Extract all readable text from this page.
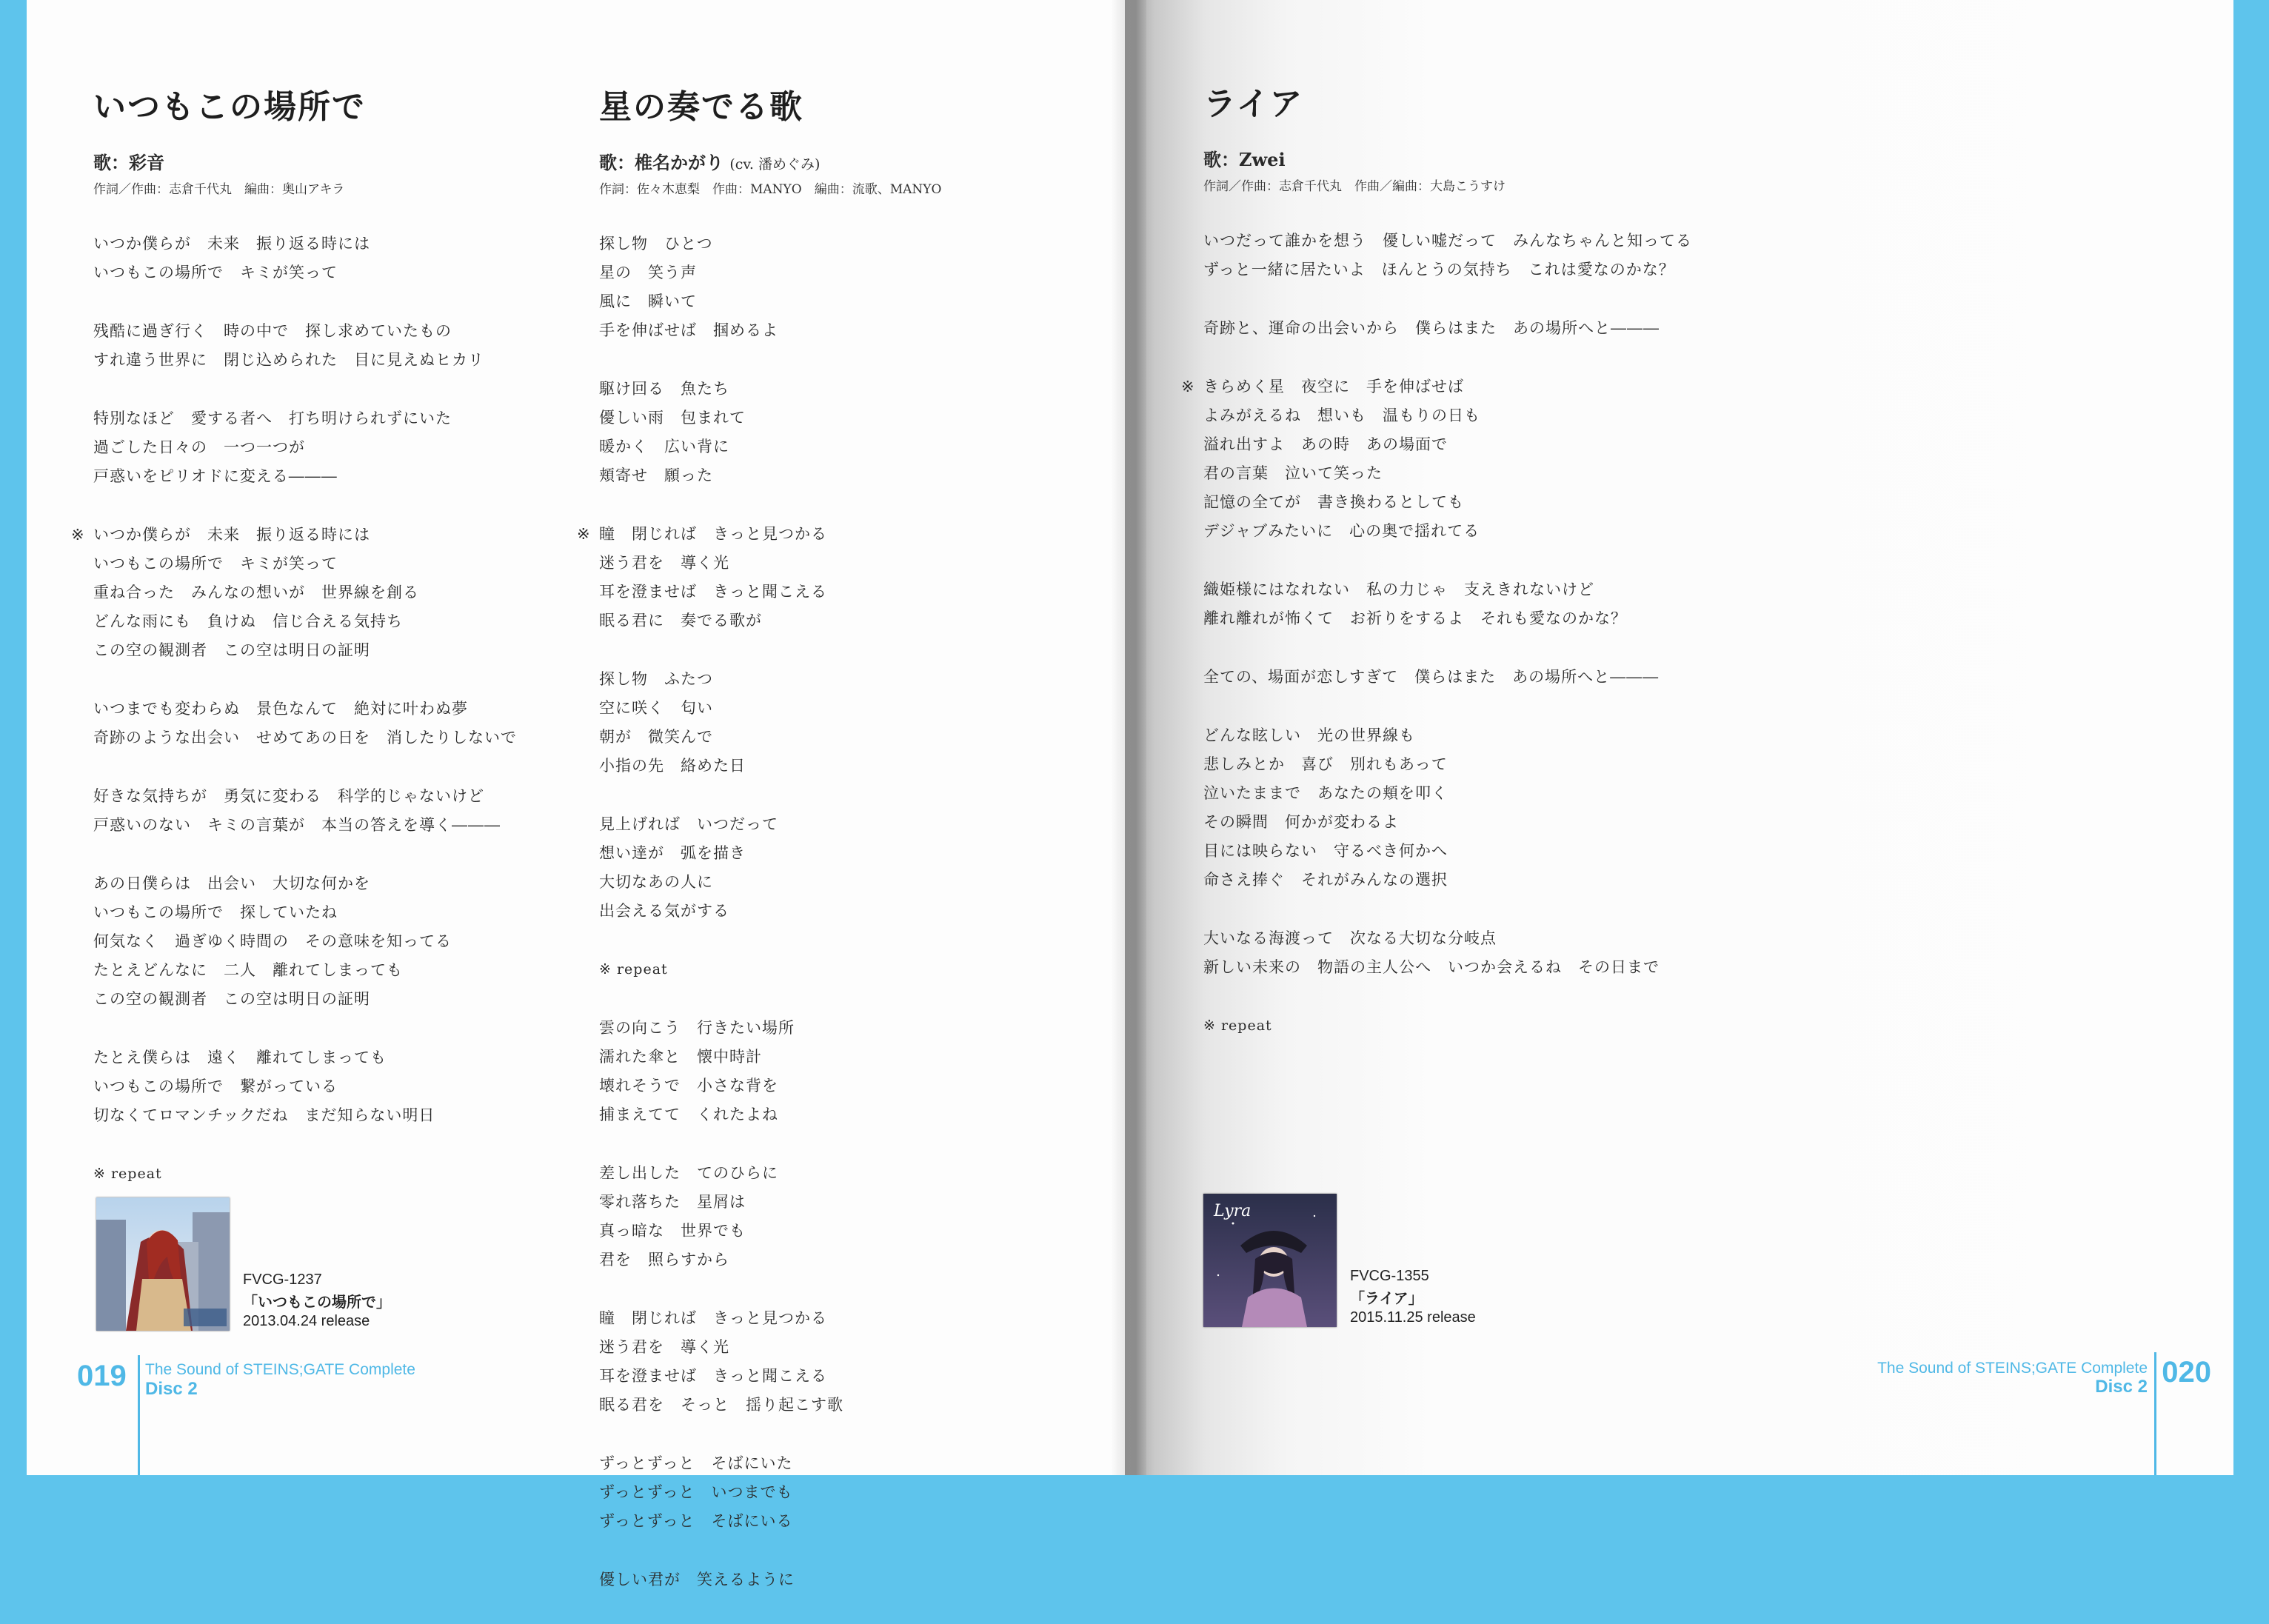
いつもこの場所で
歌：彩音
作詞／作曲：志倉千代丸　編曲：奥山アキラ
いつか僕らが　未来　振り返る時には
いつもこの場所で　キミが笑って
残酷に過ぎ行く　時の中で　探し求めていたもの
すれ違う世界に　閉じ込められた　目に見えぬヒカリ
特別なほど　愛する者へ　打ち明けられずにいた
過ごした日々の　一つ一つが
戸惑いをピリオドに変える―――
※ いつか僕らが　未来　振り返る時には
いつもこの場所で　キミが笑って
重ね合った　みんなの想いが　世界線を創る
どんな雨にも　負けぬ　信じ合える気持ち
この空の観測者　この空は明日の証明
いつまでも変わらぬ　景色なんて　絶対に叶わぬ夢
奇跡のような出会い　せめてあの日を　消したりしないで
好きな気持ちが　勇気に変わる　科学的じゃないけど
戸惑いのない　キミの言葉が　本当の答えを導く―――
あの日僕らは　出会い　大切な何かを
いつもこの場所で　探していたね
何気なく　過ぎゆく時間の　その意味を知ってる
たとえどんなに　二人　離れてしまっても
この空の観測者　この空は明日の証明
たとえ僕らは　遠く　離れてしまっても
いつもこの場所で　繋がっている
切なくてロマンチックだね　まだ知らない明日
※ repeat
星の奏でる歌
歌：椎名かがり (cv. 潘めぐみ)
作詞：佐々木恵梨　作曲：MANYO　編曲：流歌、MANYO
探し物　ひとつ
星の　笑う声
風に　瞬いて
手を伸ばせば　掴めるよ
駆け回る　魚たち
優しい雨　包まれて
暖かく　広い背に
頬寄せ　願った
※ 瞳　閉じれば　きっと見つかる
迷う君を　導く光
耳を澄ませば　きっと聞こえる
眠る君に　奏でる歌が
探し物　ふたつ
空に咲く　匂い
朝が　微笑んで
小指の先　絡めた日
見上げれば　いつだって
想い達が　弧を描き
大切なあの人に
出会える気がする
※ repeat
雲の向こう　行きたい場所
濡れた傘と　懐中時計
壊れそうで　小さな背を
捕まえてて　くれたよね
差し出した　てのひらに
零れ落ちた　星屑は
真っ暗な　世界でも
君を　照らすから
瞳　閉じれば　きっと見つかる
迷う君を　導く光
耳を澄ませば　きっと聞こえる
眠る君を　そっと　揺り起こす歌
ずっとずっと　そばにいた
ずっとずっと　いつまでも
ずっとずっと　そばにいる
優しい君が　笑えるように
FVCG-1237
「いつもこの場所で」
2013.04.24 release
019 The Sound of STEINS;GATE Complete
Disc 2
ライア
歌：Zwei
作詞／作曲：志倉千代丸　作曲／編曲：大島こうすけ
いつだって誰かを想う　優しい嘘だって　みんなちゃんと知ってる
ずっと一緒に居たいよ　ほんとうの気持ち　これは愛なのかな？
奇跡と、運命の出会いから　僕らはまた　あの場所へと―――
※ きらめく星　夜空に　手を伸ばせば
よみがえるね　想いも　温もりの日も
溢れ出すよ　あの時　あの場面で
君の言葉　泣いて笑った
記憶の全てが　書き換わるとしても
デジャブみたいに　心の奥で揺れてる
織姫様にはなれない　私の力じゃ　支えきれないけど
離れ離れが怖くて　お祈りをするよ　それも愛なのかな？
全ての、場面が恋しすぎて　僕らはまた　あの場所へと―――
どんな眩しい　光の世界線も
悲しみとか　喜び　別れもあって
泣いたままで　あなたの頬を叩く
その瞬間　何かが変わるよ
目には映らない　守るべき何かへ
命さえ捧ぐ　それがみんなの選択
大いなる海渡って　次なる大切な分岐点
新しい未来の　物語の主人公へ　いつか会えるね　その日まで
※ repeat
Lyra
FVCG-1355
「ライア」
2015.11.25 release
The Sound of STEINS;GATE Complete
Disc 2 020
